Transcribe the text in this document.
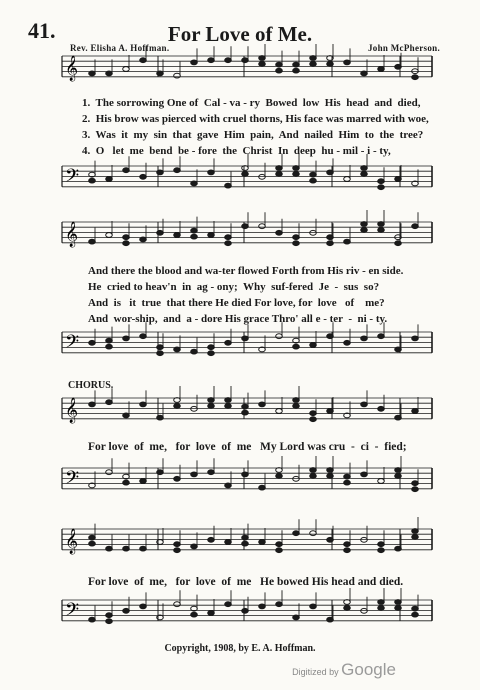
𝄞
𝄢
𝄞
𝄢
𝄞
𝄢
𝄞
𝄢
41.	For Love of Me.
Rev. Elisha A. Hoffman.	John McPherson.
1.  The sorrowing One of  Cal - va - ry  Bowed  low  His  head  and  died,
2.  His brow was pierced with cruel thorns, His face was marred with woe,
3.  Was  it  my  sin  that  gave  Him  pain,  And  nailed  Him  to  the  tree?
4.  O   let  me  bend  be - fore  the  Christ  In  deep  hu - mil - i - ty,
And there the blood and wa-ter flowed Forth from His riv - en side.
He  cried to heav'n  in  ag - ony;  Why  suf-fered  Je  -  sus  so?
And  is   it  true  that there He died For love, for  love   of    me?
And  wor-ship,  and  a - dore His grace Thro' all e - ter  -  ni - ty.
CHORUS.
For love  of  me,   for  love  of  me   My Lord was cru  -  ci  -  fied;
For love  of  me,   for  love  of  me   He bowed His head and died.
Copyright, 1908, by E. A. Hoffman.
Digitized by Google
